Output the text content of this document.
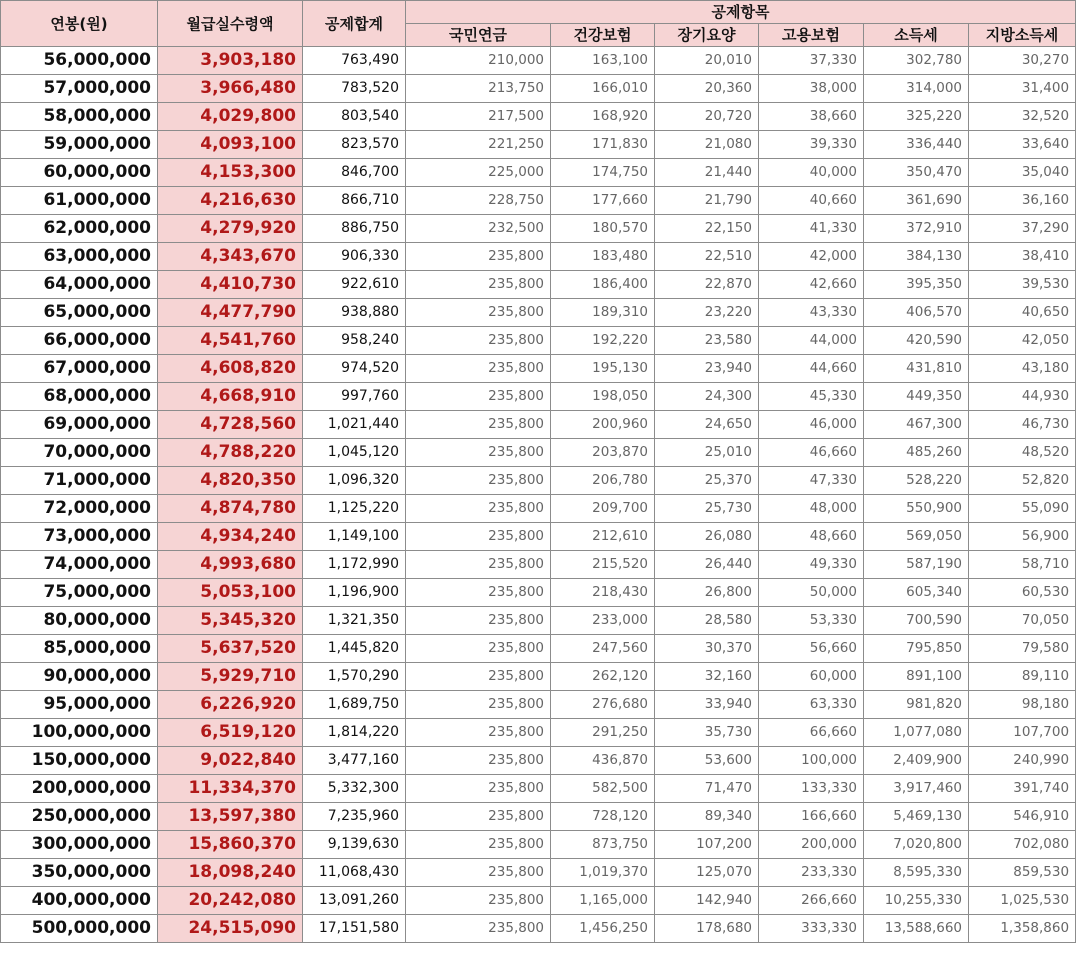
연봉(원)	월급실수령액	공제합계	공제항목					
			국민연금	건강보험	장기요양	고용보험	소득세	지방소득세
56,000,000	3,903,180	763,490	210,000	163,100	20,010	37,330	302,780	30,270
57,000,000	3,966,480	783,520	213,750	166,010	20,360	38,000	314,000	31,400
58,000,000	4,029,800	803,540	217,500	168,920	20,720	38,660	325,220	32,520
59,000,000	4,093,100	823,570	221,250	171,830	21,080	39,330	336,440	33,640
60,000,000	4,153,300	846,700	225,000	174,750	21,440	40,000	350,470	35,040
61,000,000	4,216,630	866,710	228,750	177,660	21,790	40,660	361,690	36,160
62,000,000	4,279,920	886,750	232,500	180,570	22,150	41,330	372,910	37,290
63,000,000	4,343,670	906,330	235,800	183,480	22,510	42,000	384,130	38,410
64,000,000	4,410,730	922,610	235,800	186,400	22,870	42,660	395,350	39,530
65,000,000	4,477,790	938,880	235,800	189,310	23,220	43,330	406,570	40,650
66,000,000	4,541,760	958,240	235,800	192,220	23,580	44,000	420,590	42,050
67,000,000	4,608,820	974,520	235,800	195,130	23,940	44,660	431,810	43,180
68,000,000	4,668,910	997,760	235,800	198,050	24,300	45,330	449,350	44,930
69,000,000	4,728,560	1,021,440	235,800	200,960	24,650	46,000	467,300	46,730
70,000,000	4,788,220	1,045,120	235,800	203,870	25,010	46,660	485,260	48,520
71,000,000	4,820,350	1,096,320	235,800	206,780	25,370	47,330	528,220	52,820
72,000,000	4,874,780	1,125,220	235,800	209,700	25,730	48,000	550,900	55,090
73,000,000	4,934,240	1,149,100	235,800	212,610	26,080	48,660	569,050	56,900
74,000,000	4,993,680	1,172,990	235,800	215,520	26,440	49,330	587,190	58,710
75,000,000	5,053,100	1,196,900	235,800	218,430	26,800	50,000	605,340	60,530
80,000,000	5,345,320	1,321,350	235,800	233,000	28,580	53,330	700,590	70,050
85,000,000	5,637,520	1,445,820	235,800	247,560	30,370	56,660	795,850	79,580
90,000,000	5,929,710	1,570,290	235,800	262,120	32,160	60,000	891,100	89,110
95,000,000	6,226,920	1,689,750	235,800	276,680	33,940	63,330	981,820	98,180
100,000,000	6,519,120	1,814,220	235,800	291,250	35,730	66,660	1,077,080	107,700
150,000,000	9,022,840	3,477,160	235,800	436,870	53,600	100,000	2,409,900	240,990
200,000,000	11,334,370	5,332,300	235,800	582,500	71,470	133,330	3,917,460	391,740
250,000,000	13,597,380	7,235,960	235,800	728,120	89,340	166,660	5,469,130	546,910
300,000,000	15,860,370	9,139,630	235,800	873,750	107,200	200,000	7,020,800	702,080
350,000,000	18,098,240	11,068,430	235,800	1,019,370	125,070	233,330	8,595,330	859,530
400,000,000	20,242,080	13,091,260	235,800	1,165,000	142,940	266,660	10,255,330	1,025,530
500,000,000	24,515,090	17,151,580	235,800	1,456,250	178,680	333,330	13,588,660	1,358,860
